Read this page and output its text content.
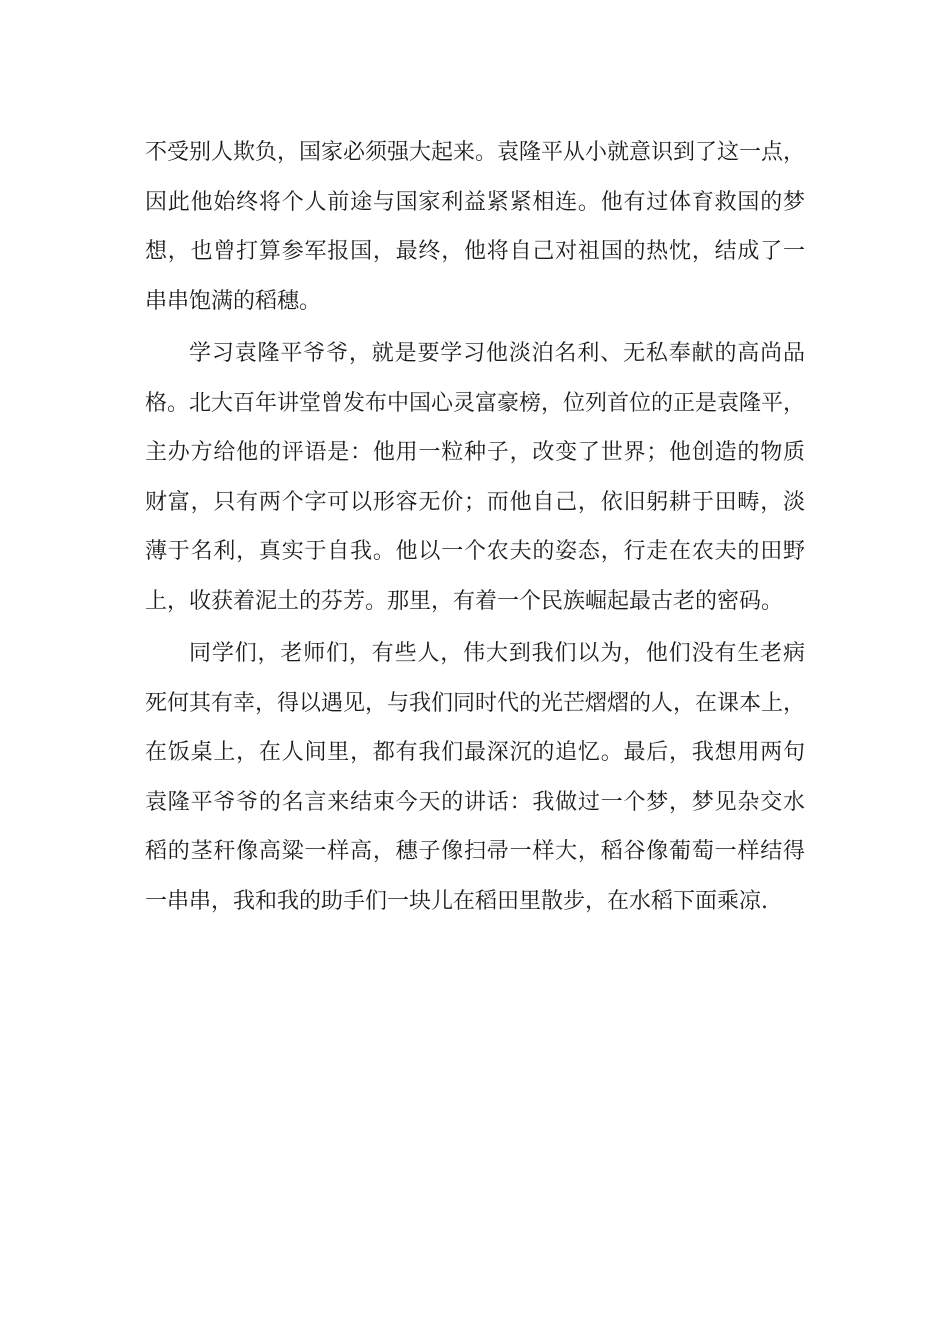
不受别人欺负，国家必须强大起来。袁隆平从小就意识到了这一点，
因此他始终将个人前途与国家利益紧紧相连。他有过体育救国的梦
想，也曾打算参军报国，最终，他将自己对祖国的热忱，结成了一
串串饱满的稻穗。
学习袁隆平爷爷，就是要学习他淡泊名利、无私奉献的高尚品
格。北大百年讲堂曾发布中国心灵富豪榜，位列首位的正是袁隆平，
主办方给他的评语是：他用一粒种子，改变了世界；他创造的物质
财富，只有两个字可以形容无价；而他自己，依旧躬耕于田畴，淡
薄于名利，真实于自我。他以一个农夫的姿态，行走在农夫的田野
上，收获着泥土的芬芳。那里，有着一个民族崛起最古老的密码。
同学们，老师们，有些人，伟大到我们以为，他们没有生老病
死何其有幸，得以遇见，与我们同时代的光芒熠熠的人，在课本上，
在饭桌上，在人间里，都有我们最深沉的追忆。最后，我想用两句
袁隆平爷爷的名言来结束今天的讲话：我做过一个梦，梦见杂交水
稻的茎秆像高粱一样高，穗子像扫帚一样大，稻谷像葡萄一样结得
一串串，我和我的助手们一块儿在稻田里散步，在水稻下面乘凉.
